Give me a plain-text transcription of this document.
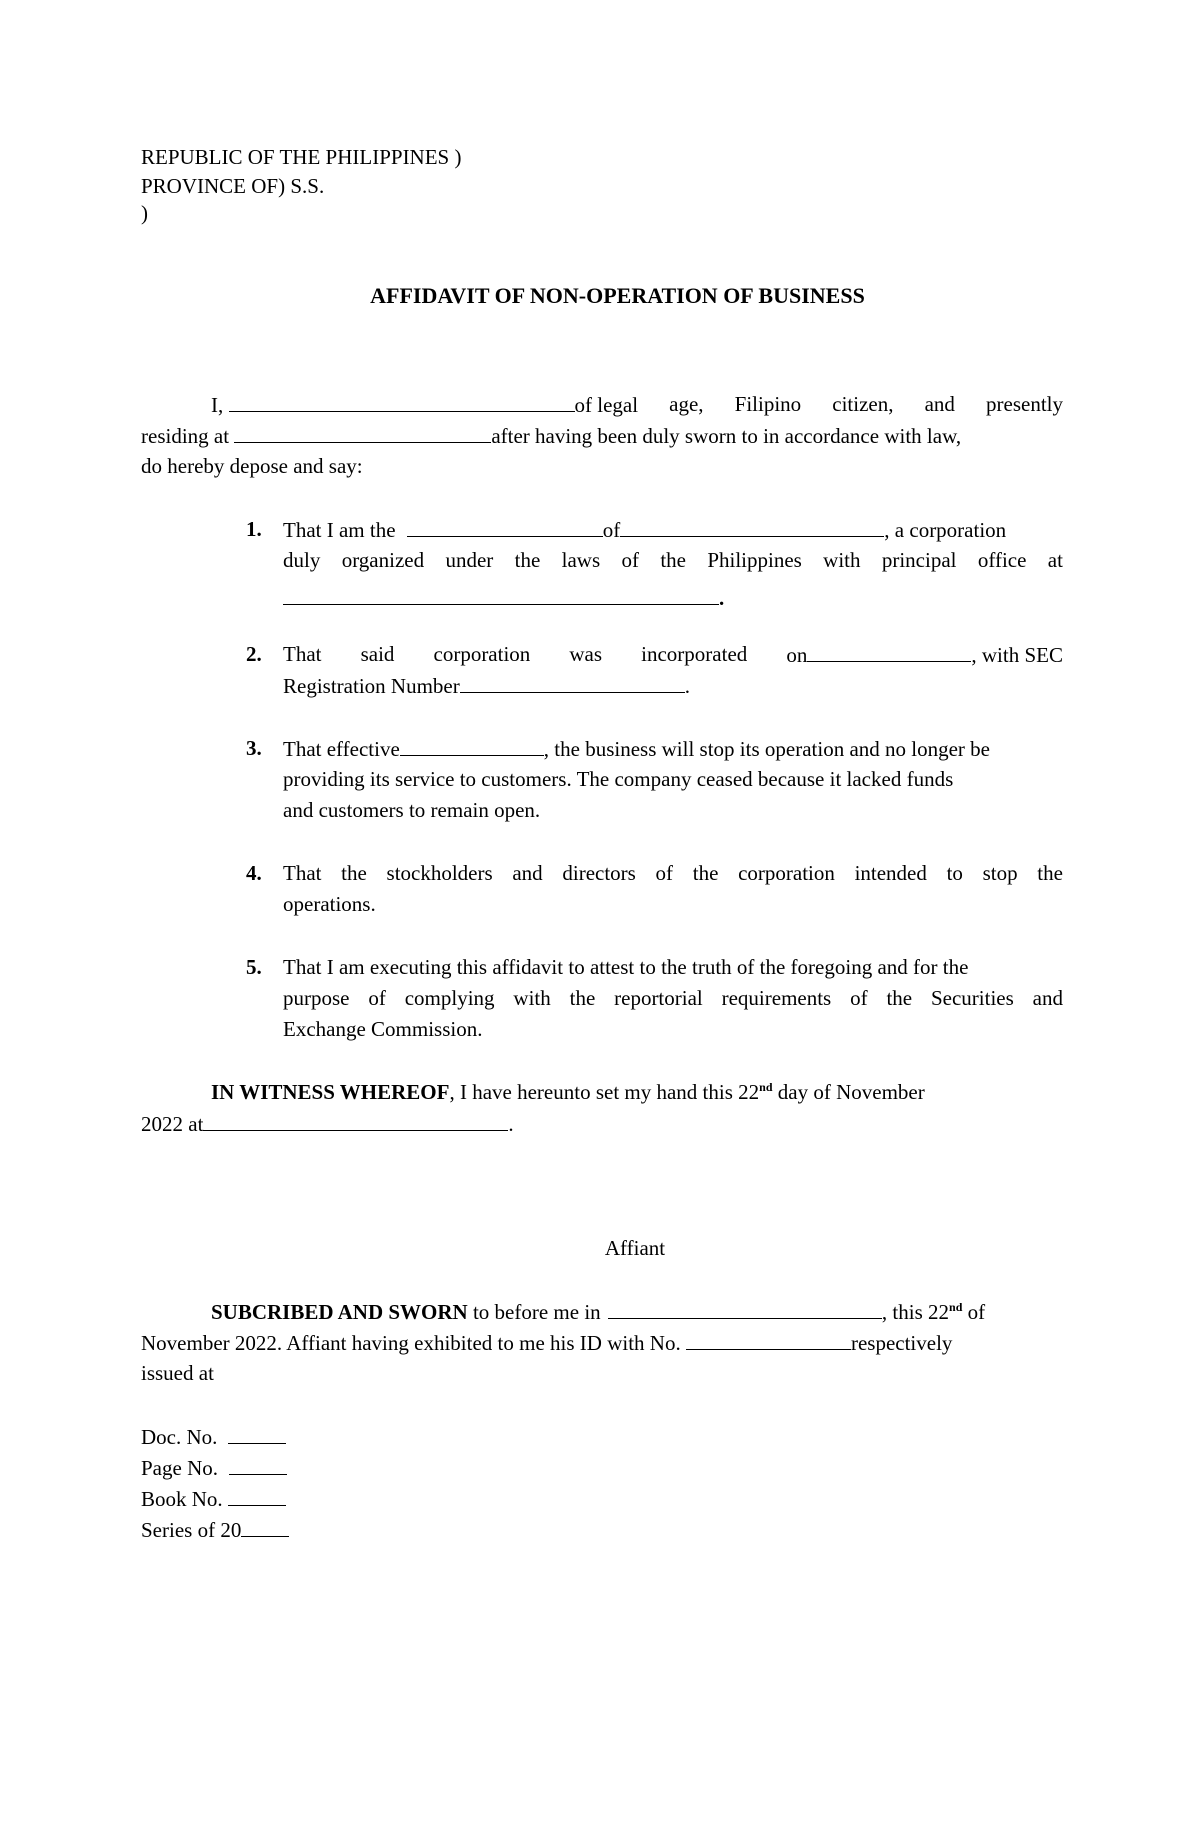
REPUBLIC OF THE PHILIPPINES )
PROVINCE OF) S.S.
)
AFFIDAVIT OF NON-OPERATION OF BUSINESS
I,	of legal age, Filipino citizen, and presently
residing at	after having been duly sworn to in accordance with law,
do hereby depose and say:
1. That I am the	of	, a corporation
duly organized under the laws of the Philippines with principal office at
.
2. That said corporation was incorporated on	, with SEC
Registration Number	.
3. That effective	, the business will stop its operation and no longer be
providing its service to customers. The company ceased because it lacked funds
and customers to remain open.
4. That the stockholders and directors of the corporation intended to stop the
operations.
5. That I am executing this affidavit to attest to the truth of the foregoing and for the
purpose of complying with the reportorial requirements of the Securities and
Exchange Commission.
IN WITNESS WHEREOF, I have hereunto set my hand this 22nd day of November
2022 at	.
Affiant
SUBCRIBED AND SWORN to before me in	, this 22nd of
November 2022. Affiant having exhibited to me his ID with No.	respectively
issued at
Doc. No.
Page No.
Book No.
Series of 20
